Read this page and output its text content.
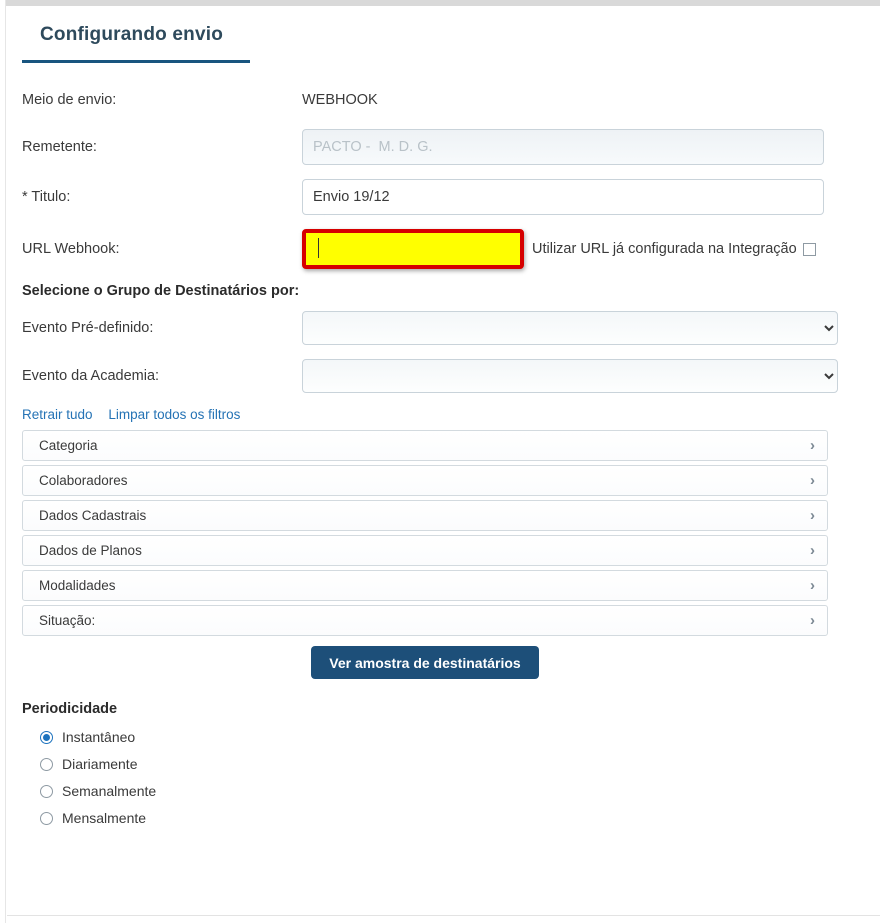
Configurando envio
Meio de envio:	WEBHOOK
Remetente:
PACTO - M. D. G.
* Titulo:
Envio 19/12
URL Webhook:	Utilizar URL já configurada na Integração
Selecione o Grupo de Destinatários por:
Evento Pré-definido:
Evento da Academia:
Retrair tudo Limpar todos os filtros
Categoria	›
Colaboradores	›
Dados Cadastrais	›
Dados de Planos	›
Modalidades	›
Situação:	›
Ver amostra de destinatários
Periodicidade
Instantâneo
Diariamente
Semanalmente
Mensalmente
